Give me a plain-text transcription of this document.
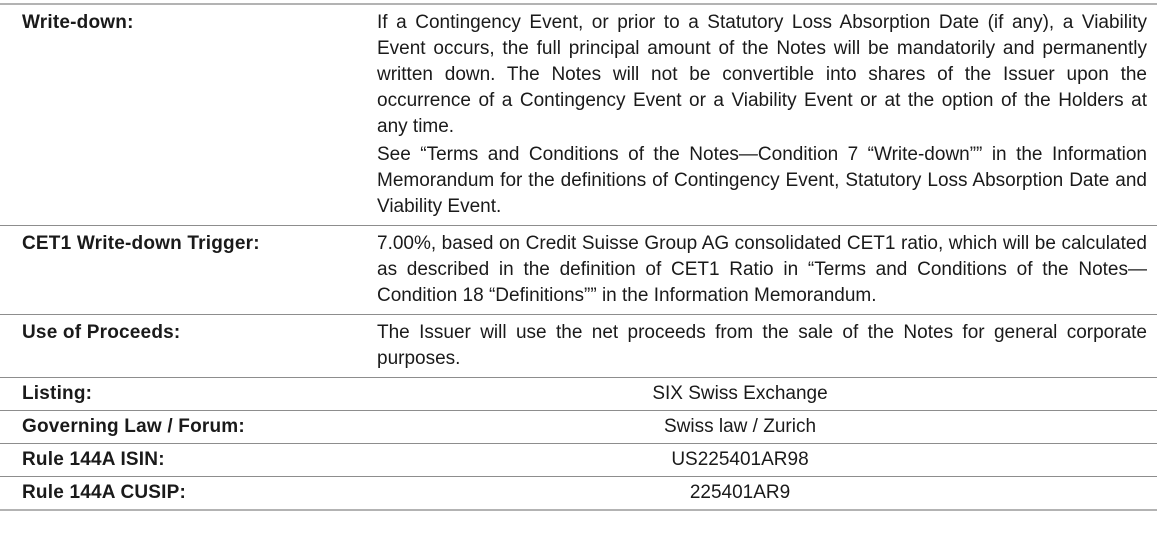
Write-down:	If a Contingency Event, or prior to a Statutory Loss Absorption Date (if any), a Viability Event occurs, the full principal amount of the Notes will be mandatorily and permanently written down. The Notes will not be convertible into shares of the Issuer upon the occurrence of a Contingency Event or a Viability Event or at the option of the Holders at any time.

See “Terms and Conditions of the Notes—Condition 7 “Write-down”” in the Information Memorandum for the definitions of Contingency Event, Statutory Loss Absorption Date and Viability Event.

CET1 Write-down Trigger:	7.00%, based on Credit Suisse Group AG consolidated CET1 ratio, which will be calculated as described in the definition of CET1 Ratio in “Terms and Conditions of the Notes—Condition 18 “Definitions”” in the Information Memorandum.

Use of Proceeds:	The Issuer will use the net proceeds from the sale of the Notes for general corporate purposes.

Listing:	SIX Swiss Exchange

Governing Law / Forum:	Swiss law / Zurich

Rule 144A ISIN:	US225401AR98

Rule 144A CUSIP:	225401AR9
